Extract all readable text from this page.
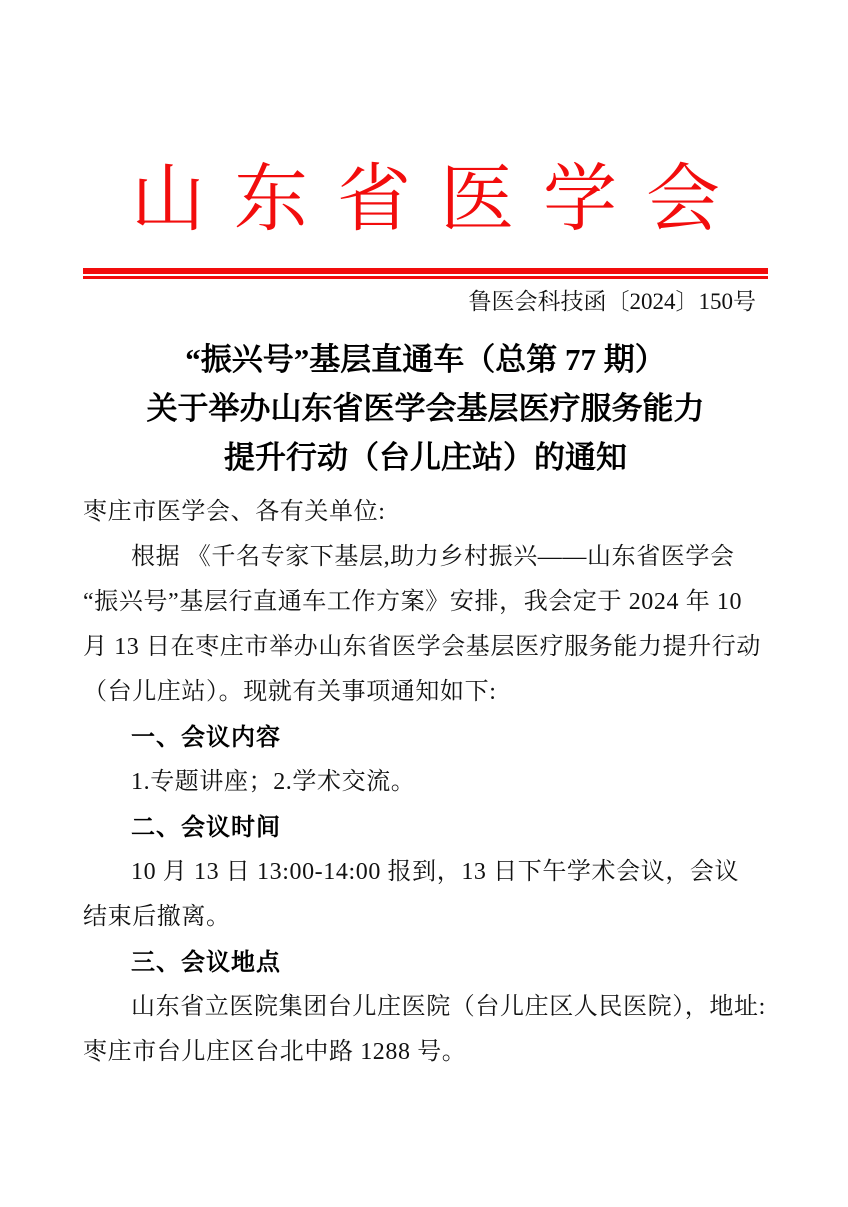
山东省医学会
鲁医会科技函〔2024〕150号
“振兴号”基层直通车（总第 77 期）
关于举办山东省医学会基层医疗服务能力
提升行动（台儿庄站）的通知

枣庄市医学会、各有关单位:

根据 《千名专家下基层,助力乡村振兴——山东省医学会

“振兴号”基层行直通车工作方案》安排，我会定于 2024 年 10

月 13 日在枣庄市举办山东省医学会基层医疗服务能力提升行动

（台儿庄站）。现就有关事项通知如下:

一、会议内容

1.专题讲座；2.学术交流。

二、会议时间

10 月 13 日 13:00-14:00 报到，13 日下午学术会议，会议

结束后撤离。

三、会议地点

山东省立医院集团台儿庄医院（台儿庄区人民医院），地址:

枣庄市台儿庄区台北中路 1288 号。
